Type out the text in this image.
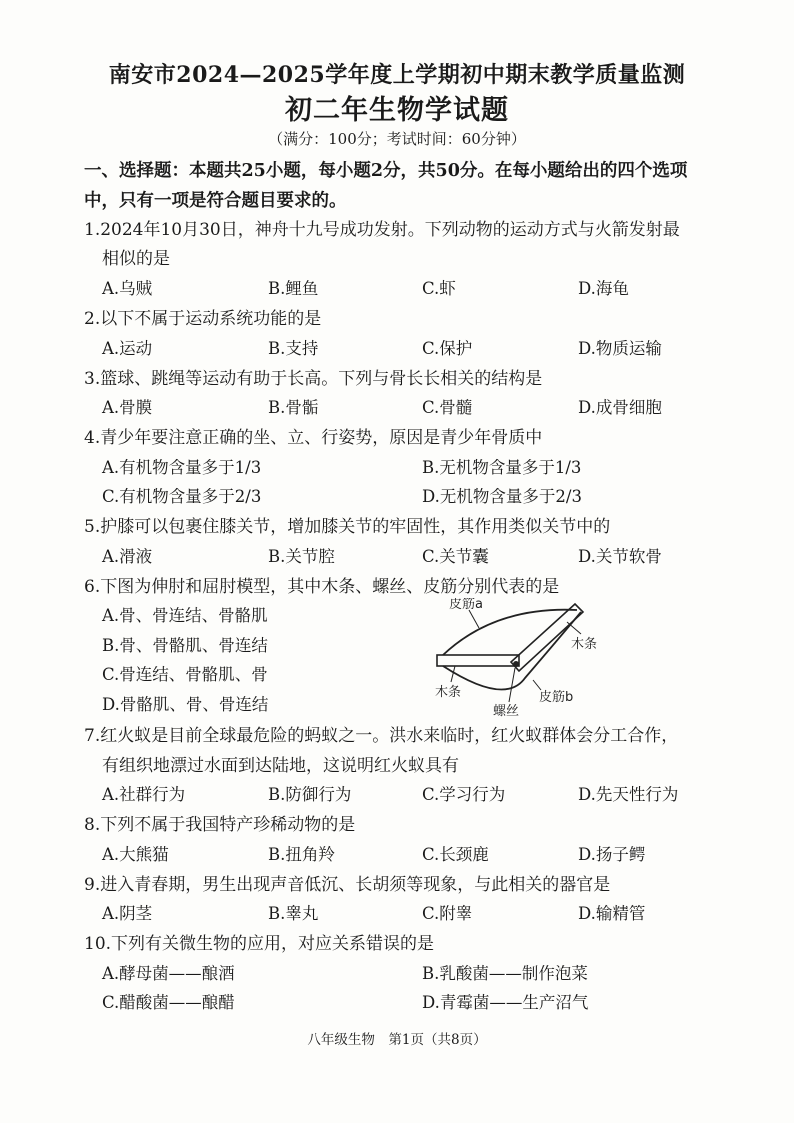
南安市2024—2025学年度上学期初中期末教学质量监测
初二年生物学试题
（满分：100分；考试时间：60分钟）
一、选择题：本题共25小题，每小题2分，共50分。在每小题给出的四个选项
中，只有一项是符合题目要求的。
1.2024年10月30日，神舟十九号成功发射。下列动物的运动方式与火箭发射最
相似的是
A.乌贼	B.鲤鱼	C.虾	D.海龟
2.以下不属于运动系统功能的是
A.运动	B.支持	C.保护	D.物质运输
3.篮球、跳绳等运动有助于长高。下列与骨长长相关的结构是
A.骨膜	B.骨骺	C.骨髓	D.成骨细胞
4.青少年要注意正确的坐、立、行姿势，原因是青少年骨质中
A.有机物含量多于1/3	B.无机物含量多于1/3
C.有机物含量多于2/3	D.无机物含量多于2/3
5.护膝可以包裹住膝关节，增加膝关节的牢固性，其作用类似关节中的
A.滑液	B.关节腔	C.关节囊	D.关节软骨
6.下图为伸肘和屈肘模型，其中木条、螺丝、皮筋分别代表的是
A.骨、骨连结、骨骼肌
B.骨、骨骼肌、骨连结
C.骨连结、骨骼肌、骨
D.骨骼肌、骨、骨连结
皮筋a
木条
木条
螺丝
皮筋b
7.红火蚁是目前全球最危险的蚂蚁之一。洪水来临时，红火蚁群体会分工合作，
有组织地漂过水面到达陆地，这说明红火蚁具有
A.社群行为	B.防御行为	C.学习行为	D.先天性行为
8.下列不属于我国特产珍稀动物的是
A.大熊猫	B.扭角羚	C.长颈鹿	D.扬子鳄
9.进入青春期，男生出现声音低沉、长胡须等现象，与此相关的器官是
A.阴茎	B.睾丸	C.附睾	D.输精管
10.下列有关微生物的应用，对应关系错误的是
A.酵母菌——酿酒	B.乳酸菌——制作泡菜
C.醋酸菌——酿醋	D.青霉菌——生产沼气
八年级生物　第1页（共8页）
